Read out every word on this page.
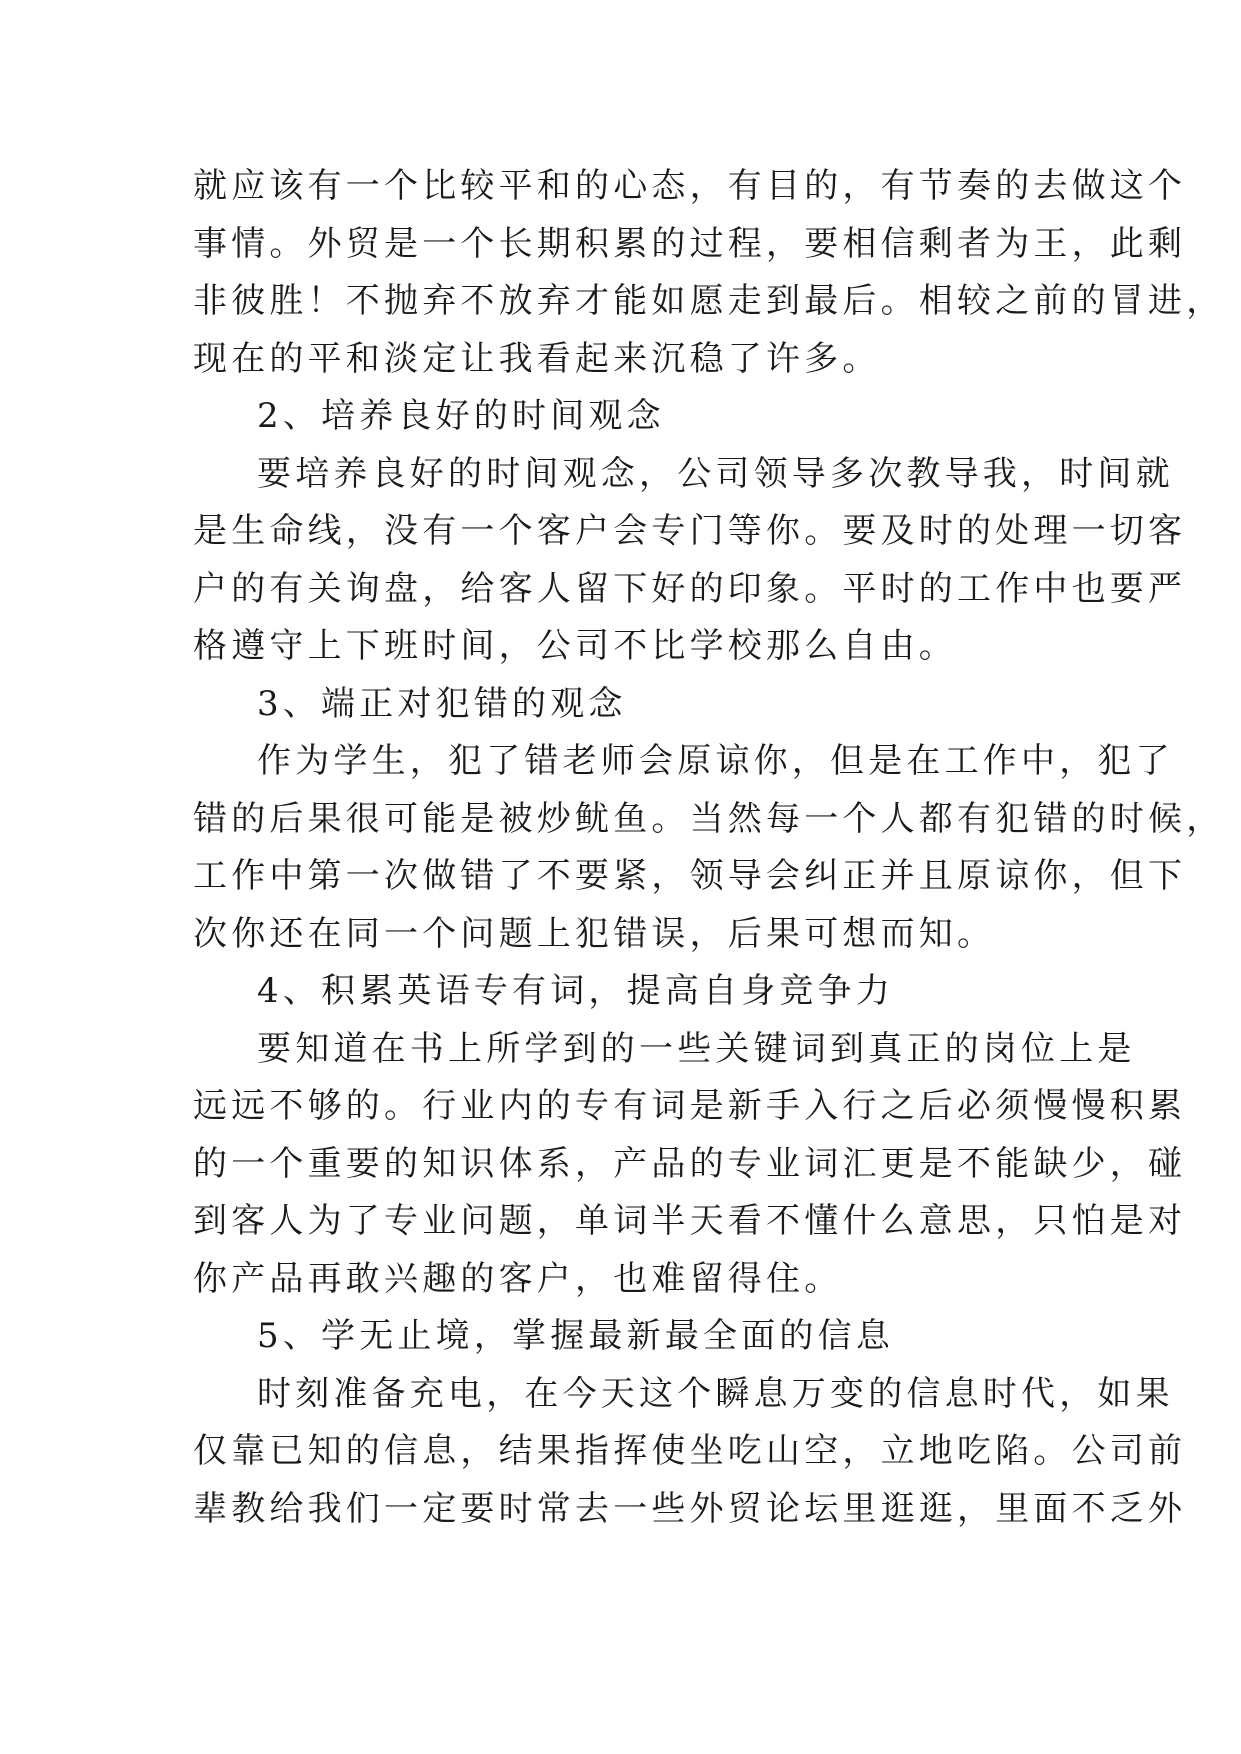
就应该有一个比较平和的心态，有目的，有节奏的去做这个
事情。外贸是一个长期积累的过程，要相信剩者为王，此剩
非彼胜！不抛弃不放弃才能如愿走到最后。相较之前的冒进，
现在的平和淡定让我看起来沉稳了许多。
2、培养良好的时间观念
要培养良好的时间观念，公司领导多次教导我，时间就
是生命线，没有一个客户会专门等你。要及时的处理一切客
户的有关询盘，给客人留下好的印象。平时的工作中也要严
格遵守上下班时间，公司不比学校那么自由。
3、端正对犯错的观念
作为学生，犯了错老师会原谅你，但是在工作中，犯了
错的后果很可能是被炒鱿鱼。当然每一个人都有犯错的时候，
工作中第一次做错了不要紧，领导会纠正并且原谅你，但下
次你还在同一个问题上犯错误，后果可想而知。
4、积累英语专有词，提高自身竞争力
要知道在书上所学到的一些关键词到真正的岗位上是
远远不够的。行业内的专有词是新手入行之后必须慢慢积累
的一个重要的知识体系，产品的专业词汇更是不能缺少，碰
到客人为了专业问题，单词半天看不懂什么意思，只怕是对
你产品再敢兴趣的客户，也难留得住。
5、学无止境，掌握最新最全面的信息
时刻准备充电，在今天这个瞬息万变的信息时代，如果
仅靠已知的信息，结果指挥使坐吃山空，立地吃陷。公司前
辈教给我们一定要时常去一些外贸论坛里逛逛，里面不乏外
